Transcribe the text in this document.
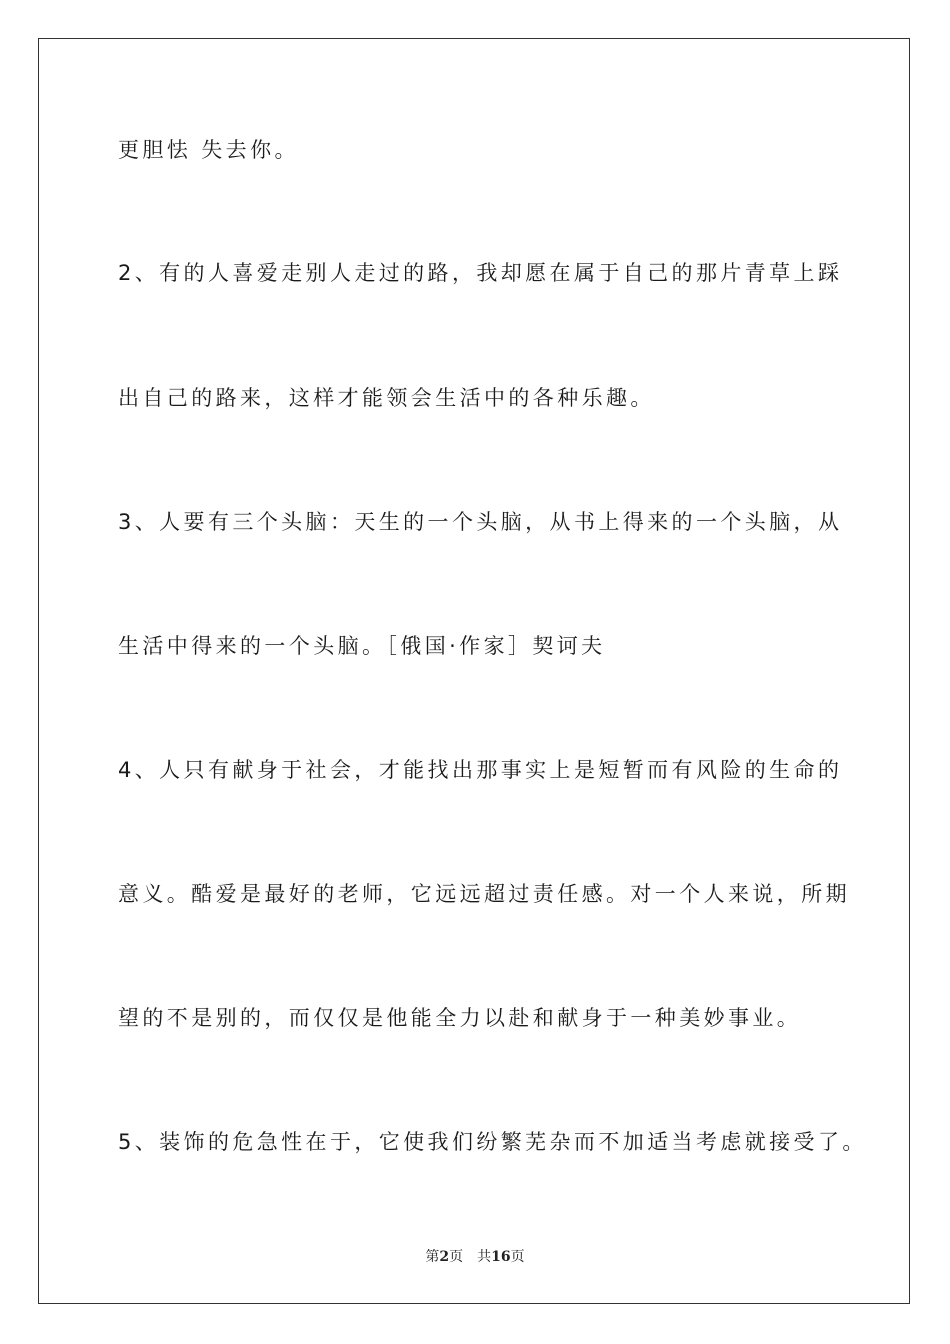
更胆怯 失去你。
2、有的人喜爱走别人走过的路，我却愿在属于自己的那片青草上踩
出自己的路来，这样才能领会生活中的各种乐趣。
3、人要有三个头脑：天生的一个头脑，从书上得来的一个头脑，从
生活中得来的一个头脑。［俄国·作家］契诃夫
4、人只有献身于社会，才能找出那事实上是短暂而有风险的生命的
意义。酷爱是最好的老师，它远远超过责任感。对一个人来说，所期
望的不是别的，而仅仅是他能全力以赴和献身于一种美妙事业。
5、装饰的危急性在于，它使我们纷繁芜杂而不加适当考虑就接受了。
第2页 共16页
